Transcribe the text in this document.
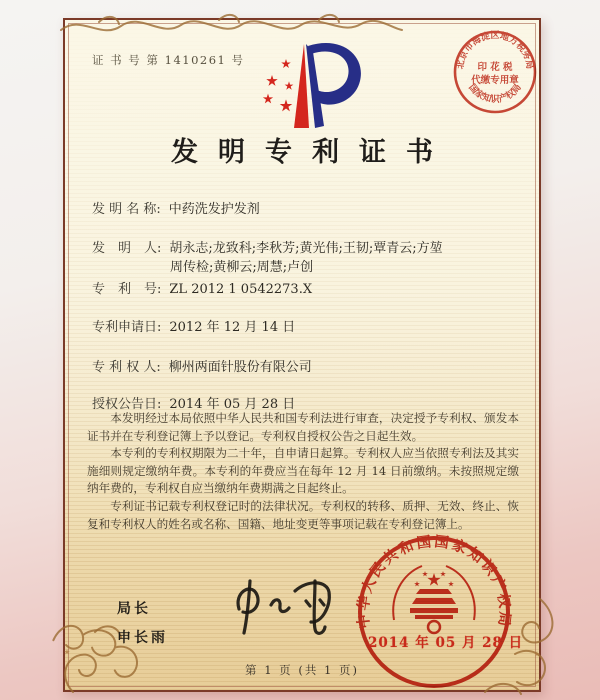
证 书 号 第 1410261 号	北京市海淀区地方税务局
国家知识产权局
印 花 税
代缴专用章
发明专利证书
发 明 名 称: 中药洗发护发剂
发　明　人: 胡永志;龙致科;李秋芳;黄光伟;王韧;覃青云;方堃
周传检;黄柳云;周慧;卢创
专　利　号: ZL 2012 1 0542273.X
专利申请日: 2012 年 12 月 14 日
专 利 权 人: 柳州两面针股份有限公司
授权公告日: 2014 年 05 月 28 日

本发明经过本局依照中华人民共和国专利法进行审查，决定授予专利权、颁发本证书并在专利登记簿上予以登记。专利权自授权公告之日起生效。

本专利的专利权期限为二十年，自申请日起算。专利权人应当依照专利法及其实施细则规定缴纳年费。本专利的年费应当在每年 12 月 14 日前缴纳。未按照规定缴纳年费的，专利权自应当缴纳年费期满之日起终止。

专利证书记载专利权登记时的法律状况。专利权的转移、质押、无效、终止、恢复和专利权人的姓名或名称、国籍、地址变更等事项记载在专利登记簿上。

局长
申长雨
中华人民共和国国家知识产权局
2014 年 05 月 28 日
第 1 页 (共 1 页)
